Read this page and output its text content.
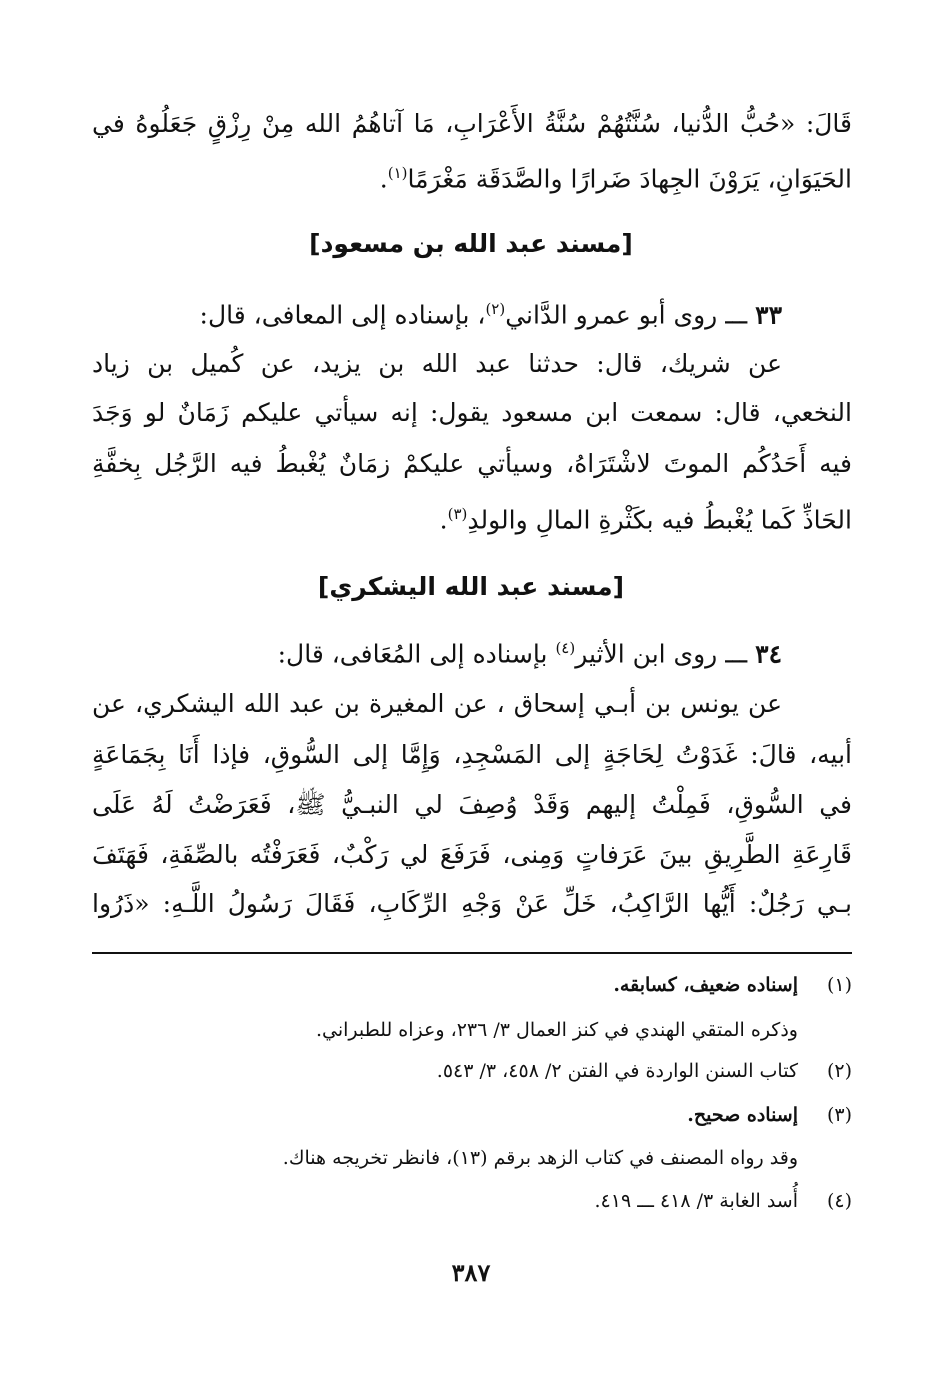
قَالَ: «حُبُّ الدُّنيا، سُنَّتُهُمْ سُنَّةُ الأَعْرَابِ، مَا آتاهُمُ الله مِنْ رِزْقٍ جَعَلُوهُ في
الحَيَوَانِ، يَرَوْنَ الجِهادَ ضَرارًا والصَّدَقَة مَغْرَمًا$^{(١)}$.
[مسند عبد الله بن مسعود]
٣٣ ـــ روى أبو عمرو الدَّاني$^{(٢)}$، بإسناده إلى المعافى، قال:
عن شريك، قال: حدثنا عبد الله بن يزيد، عن كُميل بن زياد
النخعي، قال: سمعت ابن مسعود يقول: إنه سيأتي عليكم زَمَانٌ لو وَجَدَ
فيه أَحَدُكُم الموتَ لاشْتَرَاهُ، وسيأتي عليكمْ زمَانٌ يُغْبطُ فيه الرَّجُل بِخفَّةِ
الحَاذِّ كَما يُغْبطُ فيه بكَثْرةِ المالِ والولدِ$^{(٣)}$.
[مسند عبد الله اليشكري]
٣٤ ـــ روى ابن الأثير$^{(٤)}$ بإسناده إلى المُعَافى، قال:
عن يونس بن أبـي إسحاق ، عن المغيرة بن عبد الله اليشكري، عن
أبيه، قالَ: غَدَوْتُ لِحَاجَةٍ إلى المَسْجِدِ، وَإِمَّا إلى السُّوقِ، فإذا أَنَا بِجَمَاعَةٍ
في السُّوقِ، فَمِلْتُ إليهم وَقَدْ وُصِفَ لي النبـيُّ ﷺ، فَعَرَضْتُ لَهُ عَلَى
قَارِعَةِ الطَّرِيقِ بينَ عَرَفاتٍ وَمِنى، فَرَفَعَ لي رَكْبٌ، فَعَرَفْتُه بالصِّفَةِ، فَهَتَفَ
بـي رَجُلٌ: أَيُّها الرَّاكِبُ، خَلِّ عَنْ وَجْهِ الرِّكَابِ، فَقَالَ رَسُولُ اللَّـهِ: «ذَرُوا
(١)إسناده ضعيف، كسابقه.
وذكره المتقي الهندي في كنز العمال ٣/ ٢٣٦، وعزاه للطبراني.
(٢)كتاب السنن الواردة في الفتن ٢/ ٤٥٨، ٣/ ٥٤٣.
(٣)إسناده صحيح.
وقد رواه المصنف في كتاب الزهد برقم (١٣)، فانظر تخريجه هناك.
(٤)أُسد الغابة ٣/ ٤١٨ ـــ ٤١٩.
٣٨٧
